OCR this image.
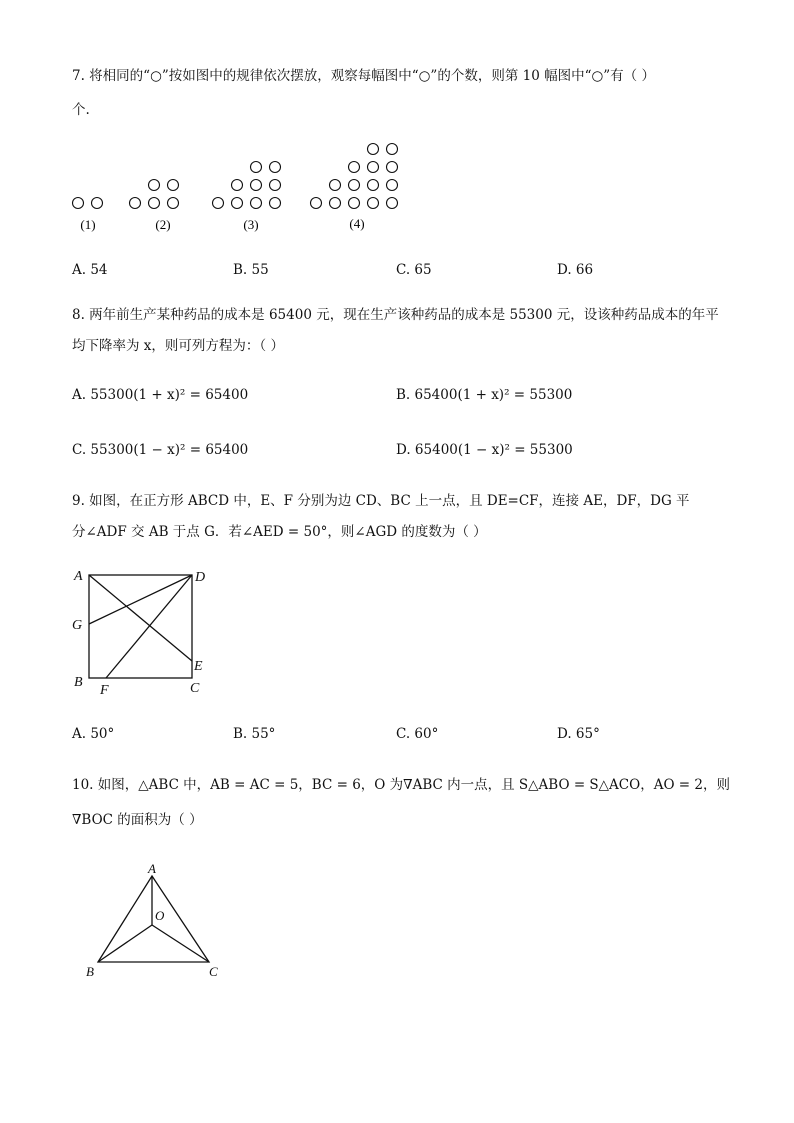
7. 将相同的“○”按如图中的规律依次摆放，观察每幅图中“○”的个数，则第 10 幅图中“○”有（ ）
个.
(1)	(2)	(3)	(4)
A. 54	B. 55	C. 65	D. 66
8. 两年前生产某种药品的成本是 65400 元，现在生产该种药品的成本是 55300 元，设该种药品成本的年平
均下降率为 x，则可列方程为：（ ）
A. 55300(1 + x)² = 65400	B. 65400(1 + x)² = 55300
C. 55300(1 − x)² = 65400	D. 65400(1 − x)² = 55300
9. 如图，在正方形 ABCD 中，E、F 分别为边 CD、BC 上一点，且 DE=CF，连接 AE，DF，DG 平
分∠ADF 交 AB 于点 G．若∠AED = 50°，则∠AGD 的度数为（ ）
A	D
G
E
B
F	C
A. 50°	B. 55°	C. 60°	D. 65°
10. 如图，△ABC 中，AB = AC = 5，BC = 6，O 为∇ABC 内一点，且 S△ABO = S△ACO，AO = 2，则
∇BOC 的面积为（ ）
A
O
B	C
